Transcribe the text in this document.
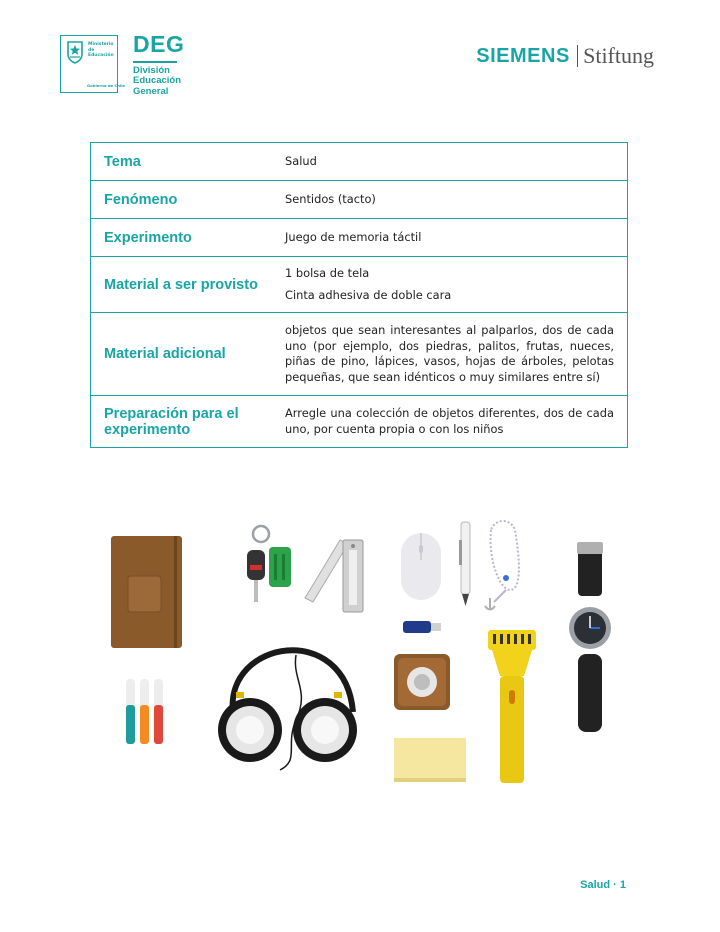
Ministerio de Educación
Gobierno de Chile
DEG
División
Educación
General
SIEMENS Stiftung
Tema	Salud

Fenómeno	Sentidos (tacto)

Experimento	Juego de memoria táctil

Material a ser provisto	1 bolsa de tela
Cinta adhesiva de doble cara

Material adicional	objetos que sean interesantes al palparlos, dos de cada uno (por ejemplo, dos piedras, palitos, frutas, nueces, piñas de pino, lápices, vasos, hojas de árboles, pelotas pequeñas, que sean idénticos o muy similares entre sí)

Preparación para el experimento	Arregle una colección de objetos diferentes, dos de cada uno, por cuenta propia o con los niños
Salud · 1
